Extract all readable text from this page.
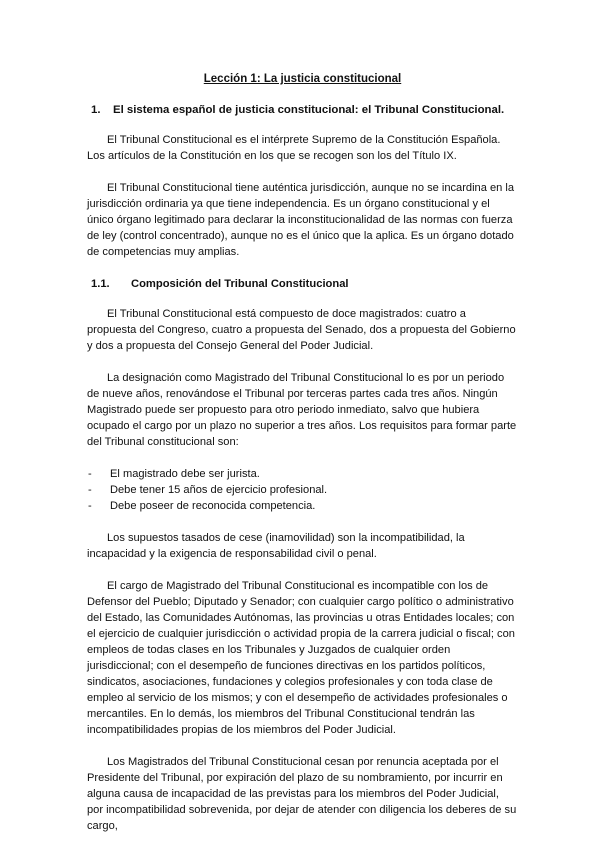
Lección 1: La justicia constitucional
1.	El sistema español de justicia constitucional: el Tribunal Constitucional.

El Tribunal Constitucional es el intérprete Supremo de la Constitución Española. Los artículos de la Constitución en los que se recogen son los del Título IX.

El Tribunal Constitucional tiene auténtica jurisdicción, aunque no se incardina en la jurisdicción ordinaria ya que tiene independencia. Es un órgano constitucional y el único órgano legitimado para declarar la inconstitucionalidad de las normas con fuerza de ley (control concentrado), aunque no es el único que la aplica. Es un órgano dotado de competencias muy amplias.

1.1.	Composición del Tribunal Constitucional

El Tribunal Constitucional está compuesto de doce magistrados: cuatro a propuesta del Congreso, cuatro a propuesta del Senado, dos a propuesta del Gobierno y dos a propuesta del Consejo General del Poder Judicial.

La designación como Magistrado del Tribunal Constitucional lo es por un periodo de nueve años, renovándose el Tribunal por terceras partes cada tres años. Ningún Magistrado puede ser propuesto para otro periodo inmediato, salvo que hubiera ocupado el cargo por un plazo no superior a tres años. Los requisitos para formar parte del Tribunal constitucional son:

-	El magistrado debe ser jurista.
-	Debe tener 15 años de ejercicio profesional.
-	Debe poseer de reconocida competencia.

Los supuestos tasados de cese (inamovilidad) son la incompatibilidad, la incapacidad y la exigencia de responsabilidad civil o penal.

El cargo de Magistrado del Tribunal Constitucional es incompatible con los de Defensor del Pueblo; Diputado y Senador; con cualquier cargo político o administrativo del Estado, las Comunidades Autónomas, las provincias u otras Entidades locales; con el ejercicio de cualquier jurisdicción o actividad propia de la carrera judicial o fiscal; con empleos de todas clases en los Tribunales y Juzgados de cualquier orden jurisdiccional; con el desempeño de funciones directivas en los partidos políticos, sindicatos, asociaciones, fundaciones y colegios profesionales y con toda clase de empleo al servicio de los mismos; y con el desempeño de actividades profesionales o mercantiles. En lo demás, los miembros del Tribunal Constitucional tendrán las incompatibilidades propias de los miembros del Poder Judicial.

Los Magistrados del Tribunal Constitucional cesan por renuncia aceptada por el Presidente del Tribunal, por expiración del plazo de su nombramiento, por incurrir en alguna causa de incapacidad de las previstas para los miembros del Poder Judicial, por incompatibilidad sobrevenida, por dejar de atender con diligencia los deberes de su cargo,
